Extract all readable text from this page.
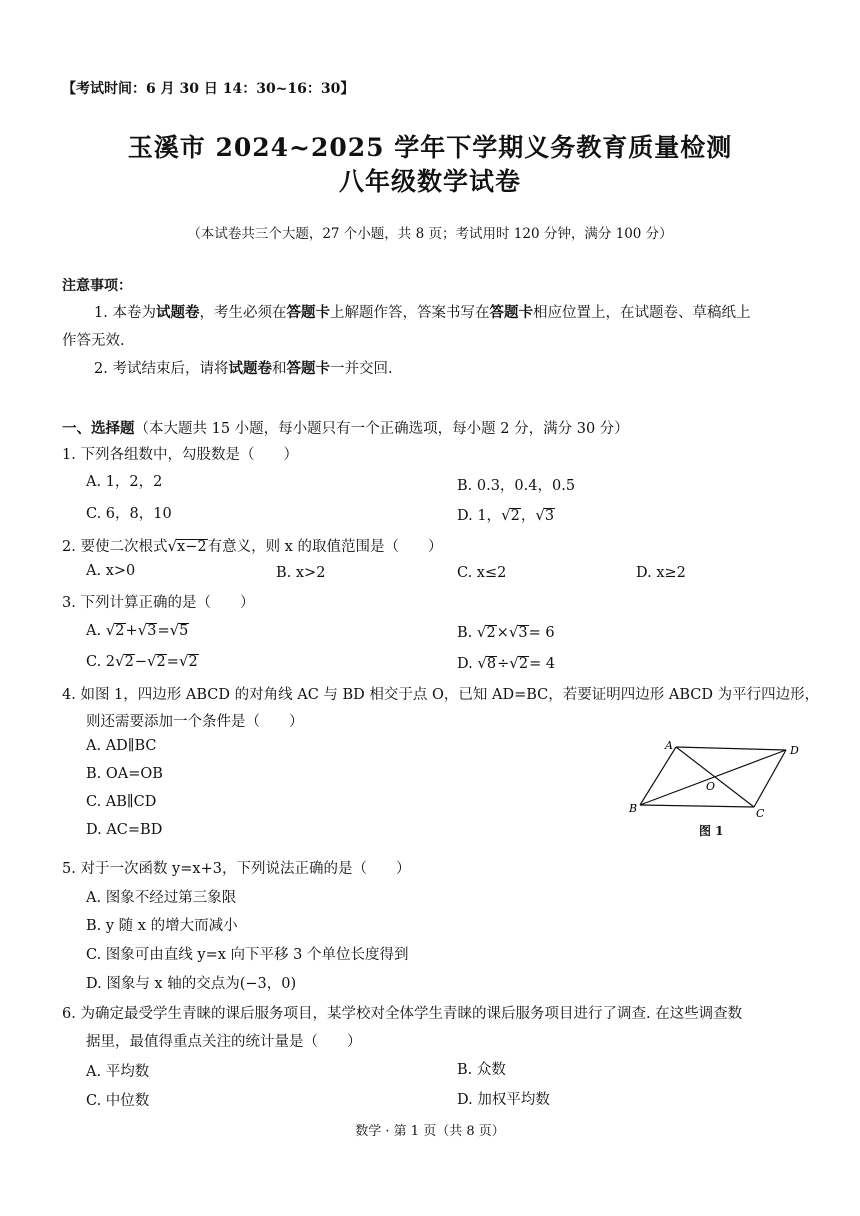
【考试时间：6 月 30 日 14：30~16：30】
玉溪市 2024~2025 学年下学期义务教育质量检测
八年级数学试卷
（本试卷共三个大题，27 个小题，共 8 页；考试用时 120 分钟，满分 100 分）
注意事项：
1. 本卷为试题卷，考生必须在答题卡上解题作答，答案书写在答题卡相应位置上，在试题卷、草稿纸上
作答无效.
2. 考试结束后，请将试题卷和答题卡一并交回.
一、选择题（本大题共 15 小题，每小题只有一个正确选项，每小题 2 分，满分 30 分）
1. 下列各组数中，勾股数是（　　）
A. 1，2，2	B. 0.3，0.4，0.5
C. 6，8，10	D. 1，√2，√3
2. 要使二次根式√x−2有意义，则 x 的取值范围是（　　）
A. x>0	B. x>2	C. x≤2	D. x≥2
3. 下列计算正确的是（　　）
A. √2+√3=√5	B. √2×√3= 6
C. 2√2−√2=√2	D. √8÷√2= 4
4. 如图 1，四边形 ABCD 的对角线 AC 与 BD 相交于点 O，已知 AD=BC，若要证明四边形 ABCD 为平行四边形，
则还需要添加一个条件是（　　）
A. AD∥BC
B. OA=OB
C. AB∥CD
D. AC=BD
A	D
B	C
O
图 1
5. 对于一次函数 y=x+3，下列说法正确的是（　　）
A. 图象不经过第三象限
B. y 随 x 的增大而减小
C. 图象可由直线 y=x 向下平移 3 个单位长度得到
D. 图象与 x 轴的交点为(−3，0)
6. 为确定最受学生青睐的课后服务项目，某学校对全体学生青睐的课后服务项目进行了调查. 在这些调查数
据里，最值得重点关注的统计量是（　　）
A. 平均数	B. 众数
C. 中位数	D. 加权平均数
数学 · 第 1 页（共 8 页）
